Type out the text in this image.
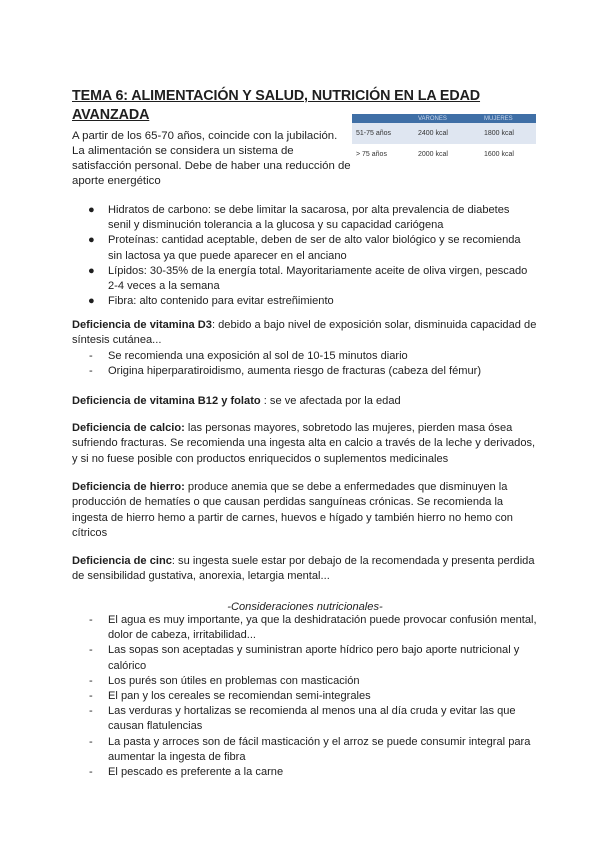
TEMA 6: ALIMENTACIÓN Y SALUD, NUTRICIÓN EN LA EDAD AVANZADA
A partir de los 65-70 años, coincide con la jubilación. La alimentación se considera un sistema de satisfacción personal. Debe de haber una reducción de aporte energético
	VARONES	MUJERES
51-75 años	2400 kcal	1800 kcal
> 75 años	2000 kcal	1600 kcal
● Hidratos de carbono: se debe limitar la sacarosa, por alta prevalencia de diabetes senil y disminución tolerancia a la glucosa y su capacidad cariógena
● Proteínas: cantidad aceptable, deben de ser de alto valor biológico y se recomienda sin lactosa ya que puede aparecer en el anciano
● Lípidos: 30-35% de la energía total. Mayoritariamente aceite de oliva virgen, pescado 2-4 veces a la semana
● Fibra: alto contenido para evitar estreñimiento

Deficiencia de vitamina D3: debido a bajo nivel de exposición solar, disminuida capacidad de síntesis cutánea...

- Se recomienda una exposición al sol de 10-15 minutos diario
- Origina hiperparatiroidismo, aumenta riesgo de fracturas (cabeza del fémur)

Deficiencia de vitamina B12 y folato : se ve afectada por la edad

Deficiencia de calcio: las personas mayores, sobretodo las mujeres, pierden masa ósea sufriendo fracturas. Se recomienda una ingesta alta en calcio a través de la leche y derivados, y si no fuese posible con productos enriquecidos o suplementos medicinales

Deficiencia de hierro: produce anemia que se debe a enfermedades que disminuyen la producción de hematíes o que causan perdidas sanguíneas crónicas. Se recomienda la ingesta de hierro hemo a partir de carnes, huevos e hígado y también hierro no hemo con cítricos

Deficiencia de cinc: su ingesta suele estar por debajo de la recomendada y presenta perdida de sensibilidad gustativa, anorexia, letargia mental...

-Consideraciones nutricionales-
- El agua es muy importante, ya que la deshidratación puede provocar confusión mental, dolor de cabeza, irritabilidad...
- Las sopas son aceptadas y suministran aporte hídrico pero bajo aporte nutricional y calórico
- Los purés son útiles en problemas con masticación
- El pan y los cereales se recomiendan semi-integrales
- Las verduras y hortalizas se recomienda al menos una al día cruda y evitar las que causan flatulencias
- La pasta y arroces son de fácil masticación y el arroz se puede consumir integral para aumentar la ingesta de fibra
- El pescado es preferente a la carne
